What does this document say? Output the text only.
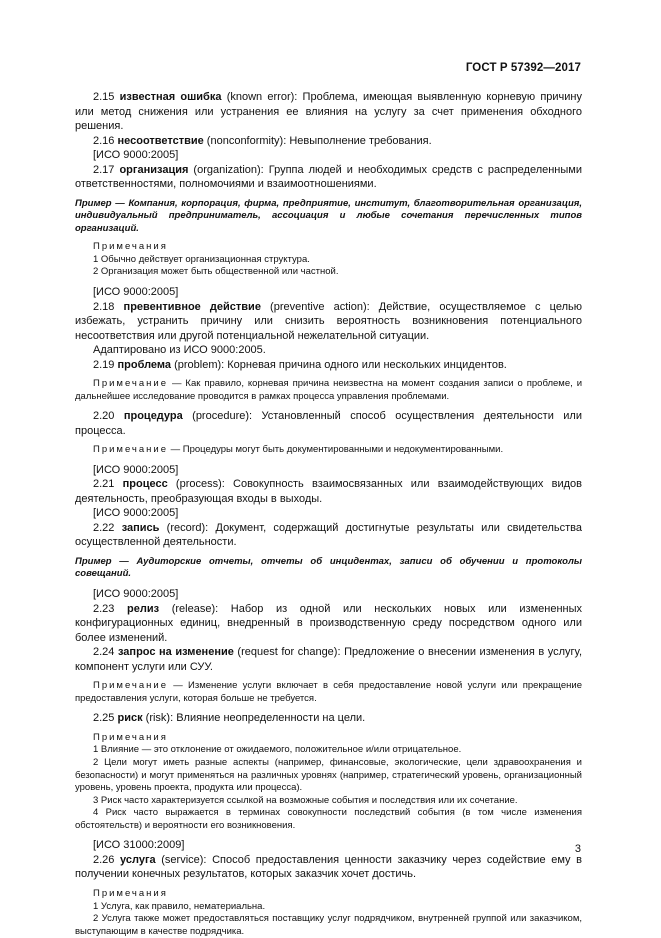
ГОСТ Р 57392—2017

2.15 известная ошибка (known error): Проблема, имеющая выявленную корневую причину или метод снижения или устранения ее влияния на услугу за счет применения обходного решения.

2.16 несоответствие (nonconformity): Невыполнение требования.

[ИСО 9000:2005]

2.17 организация (organization): Группа людей и необходимых средств с распределенными ответственностями, полномочиями и взаимоотношениями.

Пример — Компания, корпорация, фирма, предприятие, институт, благотворительная организация, индивидуальный предприниматель, ассоциация и любые сочетания перечисленных типов организаций.

Примечания

1 Обычно действует организационная структура.

2 Организация может быть общественной или частной.

[ИСО 9000:2005]

2.18 превентивное действие (preventive action): Действие, осуществляемое с целью избежать, устранить причину или снизить вероятность возникновения потенциального несоответствия или другой потенциальной нежелательной ситуации.

Адаптировано из ИСО 9000:2005.

2.19 проблема (problem): Корневая причина одного или нескольких инцидентов.

Примечание — Как правило, корневая причина неизвестна на момент создания записи о проблеме, и дальнейшее исследование проводится в рамках процесса управления проблемами.

2.20 процедура (procedure): Установленный способ осуществления деятельности или процесса.

Примечание — Процедуры могут быть документированными и недокументированными.

[ИСО 9000:2005]

2.21 процесс (process): Совокупность взаимосвязанных или взаимодействующих видов деятельность, преобразующая входы в выходы.

[ИСО 9000:2005]

2.22 запись (record): Документ, содержащий достигнутые результаты или свидетельства осуществленной деятельности.

Пример — Аудиторские отчеты, отчеты об инцидентах, записи об обучении и протоколы совещаний.

[ИСО 9000:2005]

2.23 релиз (release): Набор из одной или нескольких новых или измененных конфигурационных единиц, внедренный в производственную среду посредством одного или более изменений.

2.24 запрос на изменение (request for change): Предложение о внесении изменения в услугу, компонент услуги или СУУ.

Примечание — Изменение услуги включает в себя предоставление новой услуги или прекращение предоставления услуги, которая больше не требуется.

2.25 риск (risk): Влияние неопределенности на цели.

Примечания

1 Влияние — это отклонение от ожидаемого, положительное и/или отрицательное.

2 Цели могут иметь разные аспекты (например, финансовые, экологические, цели здравоохранения и безопасности) и могут применяться на различных уровнях (например, стратегический уровень, организационный уровень, уровень проекта, продукта или процесса).

3 Риск часто характеризуется ссылкой на возможные события и последствия или их сочетание.

4 Риск часто выражается в терминах совокупности последствий события (в том числе изменения обстоятельств) и вероятности его возникновения.

[ИСО 31000:2009]

2.26 услуга (service): Способ предоставления ценности заказчику через содействие ему в получении конечных результатов, которых заказчик хочет достичь.

Примечания

1 Услуга, как правило, нематериальна.

2 Услуга также может предоставляться поставщику услуг подрядчиком, внутренней группой или заказчиком, выступающим в качестве подрядчика.

3
